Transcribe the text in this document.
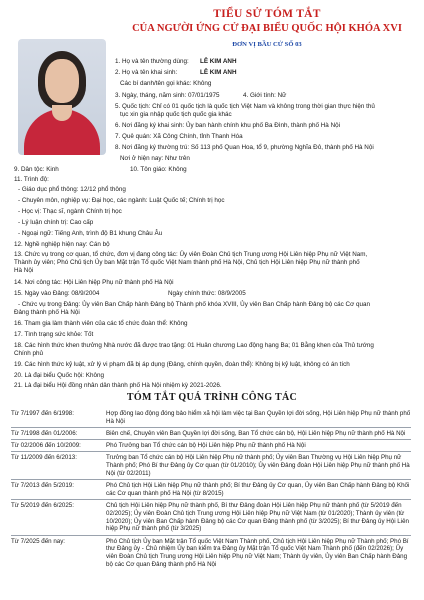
TIỂU SỬ TÓM TẮT
CỦA NGƯỜI ỨNG CỬ ĐẠI BIỂU QUỐC HỘI KHÓA XVI
ĐƠN VỊ BẦU CỬ SỐ 03
1. Họ và tên thường dùng: LÊ KIM ANH
2. Họ và tên khai sinh:	LÊ KIM ANH
Các bí danh/tên gọi khác: Không
3. Ngày, tháng, năm sinh: 07/01/1975	4. Giới tính: Nữ
5. Quốc tịch: Chỉ có 01 quốc tịch là quốc tịch Việt Nam và không trong thời gian thực hiện thủ
tục xin gia nhập quốc tịch quốc gia khác
6. Nơi đăng ký khai sinh: Ủy ban hành chính khu phố Ba Đình, thành phố Hà Nội
7. Quê quán: Xã Công Chính, tỉnh Thanh Hóa
8. Nơi đăng ký thường trú: Số 113 phố Quan Hoa, tổ 9, phường Nghĩa Đô, thành phố Hà Nội
Nơi ở hiện nay: Như trên
9. Dân tộc: Kinh	10. Tôn giáo: Không
11. Trình độ:
- Giáo dục phổ thông: 12/12 phổ thông
- Chuyên môn, nghiệp vụ: Đại học, các ngành: Luật Quốc tế; Chính trị học
- Học vị: Thạc sĩ, ngành Chính trị học
- Lý luận chính trị: Cao cấp
- Ngoại ngữ: Tiếng Anh, trình độ B1 khung Châu Âu
12. Nghề nghiệp hiện nay: Cán bộ
13. Chức vụ trong cơ quan, tổ chức, đơn vị đang công tác: Ủy viên Đoàn Chủ tịch Trung ương Hội Liên hiệp Phụ nữ Việt Nam,
Thành ủy viên; Phó Chủ tịch Ủy ban Mặt trận Tổ quốc Việt Nam thành phố Hà Nội, Chủ tịch Hội Liên hiệp Phụ nữ thành phố
Hà Nội
14. Nơi công tác: Hội Liên hiệp Phụ nữ thành phố Hà Nội
15. Ngày vào Đảng: 08/9/2004	Ngày chính thức: 08/9/2005
- Chức vụ trong Đảng: Ủy viên Ban Chấp hành Đảng bộ Thành phố khóa XVIII, Ủy viên Ban Chấp hành Đảng bộ các Cơ quan
Đảng thành phố Hà Nội
16. Tham gia làm thành viên của các tổ chức đoàn thể: Không
17. Tình trạng sức khỏe: Tốt
18. Các hình thức khen thưởng Nhà nước đã được trao tặng: 01 Huân chương Lao động hạng Ba; 01 Bằng khen của Thủ tướng
Chính phủ
19. Các hình thức kỷ luật, xử lý vi phạm đã bị áp dụng (Đảng, chính quyền, đoàn thể): Không bị kỷ luật, không có án tích
20. Là đại biểu Quốc hội: Không
21. Là đại biểu Hội đồng nhân dân thành phố Hà Nội nhiệm kỳ 2021-2026.
TÓM TẮT QUÁ TRÌNH CÔNG TÁC
Từ 7/1997 đến 6/1998:	Hợp đồng lao động đóng bảo hiểm xã hội làm việc tại Ban Quyền lợi đời sống, Hội Liên hiệp Phụ nữ thành phố Hà Nội
Từ 7/1998 đến 01/2006:	Biên chế, Chuyên viên Ban Quyền lợi đời sống, Ban Tổ chức cán bộ, Hội Liên hiệp Phụ nữ thành phố Hà Nội
Từ 02/2006 đến 10/2009:	Phó Trưởng ban Tổ chức cán bộ Hội Liên hiệp Phụ nữ thành phố Hà Nội
Từ 11/2009 đến 6/2013:	Trưởng ban Tổ chức cán bộ Hội Liên hiệp Phụ nữ thành phố; Ủy viên Ban Thường vụ Hội Liên hiệp Phụ nữ Thành phố; Phó Bí thư Đảng ủy Cơ quan (từ 01/2010); Ủy viên Đảng đoàn Hội Liên hiệp Phụ nữ thành phố Hà Nội (từ 02/2011)
Từ 7/2013 đến 5/2019:	Phó Chủ tịch Hội Liên hiệp Phụ nữ thành phố; Bí thư Đảng ủy Cơ quan, Ủy viên Ban Chấp hành Đảng bộ Khối các Cơ quan thành phố Hà Nội (từ 8/2015)
Từ 5/2019 đến 6/2025:	Chủ tịch Hội Liên hiệp Phụ nữ thành phố, Bí thư Đảng đoàn Hội Liên hiệp Phụ nữ thành phố (từ 5/2019 đến 02/2025); Ủy viên Đoàn Chủ tịch Trung ương Hội Liên hiệp Phụ nữ Việt Nam (từ 01/2020); Thành ủy viên (từ 10/2020); Ủy viên Ban Chấp hành Đảng bộ các Cơ quan Đảng thành phố (từ 3/2025); Bí thư Đảng ủy Hội Liên hiệp Phụ nữ thành phố (từ 3/2025)
Từ 7/2025 đến nay:	Phó Chủ tịch Ủy ban Mặt trận Tổ quốc Việt Nam Thành phố, Chủ tịch Hội Liên hiệp Phụ nữ Thành phố; Phó Bí thư Đảng ủy - Chủ nhiệm Ủy ban kiểm tra Đảng ủy Mặt trận Tổ quốc Việt Nam Thành phố (đến 02/2026); Ủy viên Đoàn Chủ tịch Trung ương Hội Liên hiệp Phụ nữ Việt Nam; Thành ủy viên, Ủy viên Ban Chấp hành Đảng bộ các Cơ quan Đảng thành phố Hà Nội
